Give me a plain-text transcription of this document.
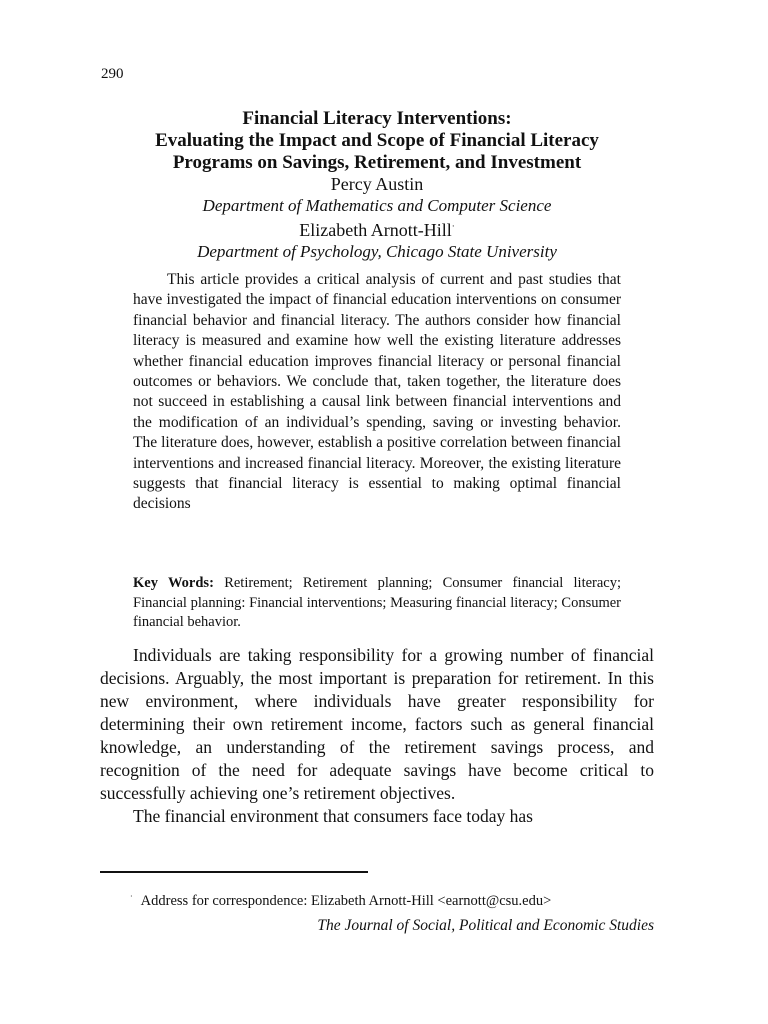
290
Financial Literacy Interventions:
Evaluating the Impact and Scope of Financial Literacy
Programs on Savings, Retirement, and Investment
Percy Austin
Department of Mathematics and Computer Science
Elizabeth Arnott-Hill·
Department of Psychology, Chicago State University
This article provides a critical analysis of current and past studies that have investigated the impact of financial education interventions on consumer financial behavior and financial literacy. The authors consider how financial literacy is measured and examine how well the existing literature addresses whether financial education improves financial literacy or personal financial outcomes or behaviors. We conclude that, taken together, the literature does not succeed in establishing a causal link between financial interventions and the modification of an individual’s spending, saving or investing behavior. The literature does, however, establish a positive correlation between financial interventions and increased financial literacy. Moreover, the existing literature suggests that financial literacy is essential to making optimal financial decisions
Key Words: Retirement; Retirement planning; Consumer financial literacy; Financial planning: Financial interventions; Measuring financial literacy; Consumer financial behavior.

Individuals are taking responsibility for a growing number of financial decisions. Arguably, the most important is preparation for retirement. In this new environment, where individuals have greater responsibility for determining their own retirement income, factors such as general financial knowledge, an understanding of the retirement savings process, and recognition of the need for adequate savings have become critical to successfully achieving one’s retirement objectives.

The financial environment that consumers face today has

· Address for correspondence: Elizabeth Arnott-Hill <earnott@csu.edu>
The Journal of Social, Political and Economic Studies
